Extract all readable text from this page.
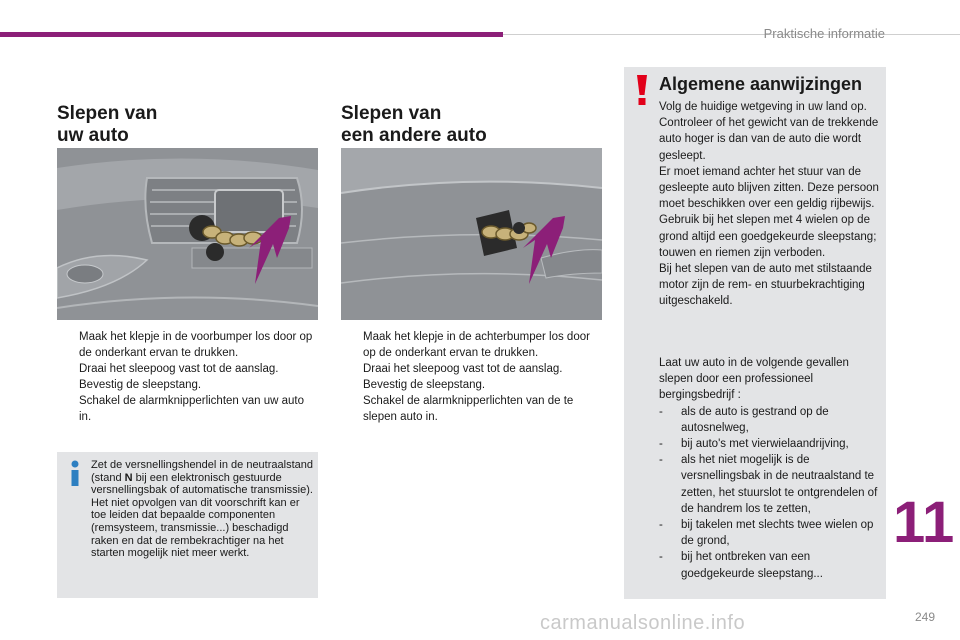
Praktische informatie
Slepen van
uw auto
Maak het klepje in de voorbumper los door op de onderkant ervan te drukken.
Draai het sleepoog vast tot de aanslag.
Bevestig de sleepstang.
Schakel de alarmknipperlichten van uw auto in.
Zet de versnellingshendel in de neutraalstand (stand N bij een elektronisch gestuurde versnellingsbak of automatische transmissie).
Het niet opvolgen van dit voorschrift kan er toe leiden dat bepaalde componenten (remsysteem, transmissie...) beschadigd raken en dat de rembekrachtiger na het starten mogelijk niet meer werkt.
Slepen van
een andere auto
Maak het klepje in de achterbumper los door op de onderkant ervan te drukken.
Draai het sleepoog vast tot de aanslag.
Bevestig de sleepstang.
Schakel de alarmknipperlichten van de te slepen auto in.
Algemene aanwijzingen
Volg de huidige wetgeving in uw land op.
Controleer of het gewicht van de trekkende auto hoger is dan van de auto die wordt gesleept.
Er moet iemand achter het stuur van de gesleepte auto blijven zitten. Deze persoon moet beschikken over een geldig rijbewijs.
Gebruik bij het slepen met 4 wielen op de grond altijd een goedgekeurde sleepstang; touwen en riemen zijn verboden.
Bij het slepen van de auto met stilstaande motor zijn de rem- en stuurbekrachtiging uitgeschakeld.
Laat uw auto in de volgende gevallen slepen door een professioneel bergingsbedrijf :
- als de auto is gestrand op de autosnelweg,
- bij auto's met vierwielaandrijving,
- als het niet mogelijk is de versnellingsbak in de neutraalstand te zetten, het stuurslot te ontgrendelen of de handrem los te zetten,
- bij takelen met slechts twee wielen op de grond,
- bij het ontbreken van een goedgekeurde sleepstang...
11
carmanualsonline.info	249
